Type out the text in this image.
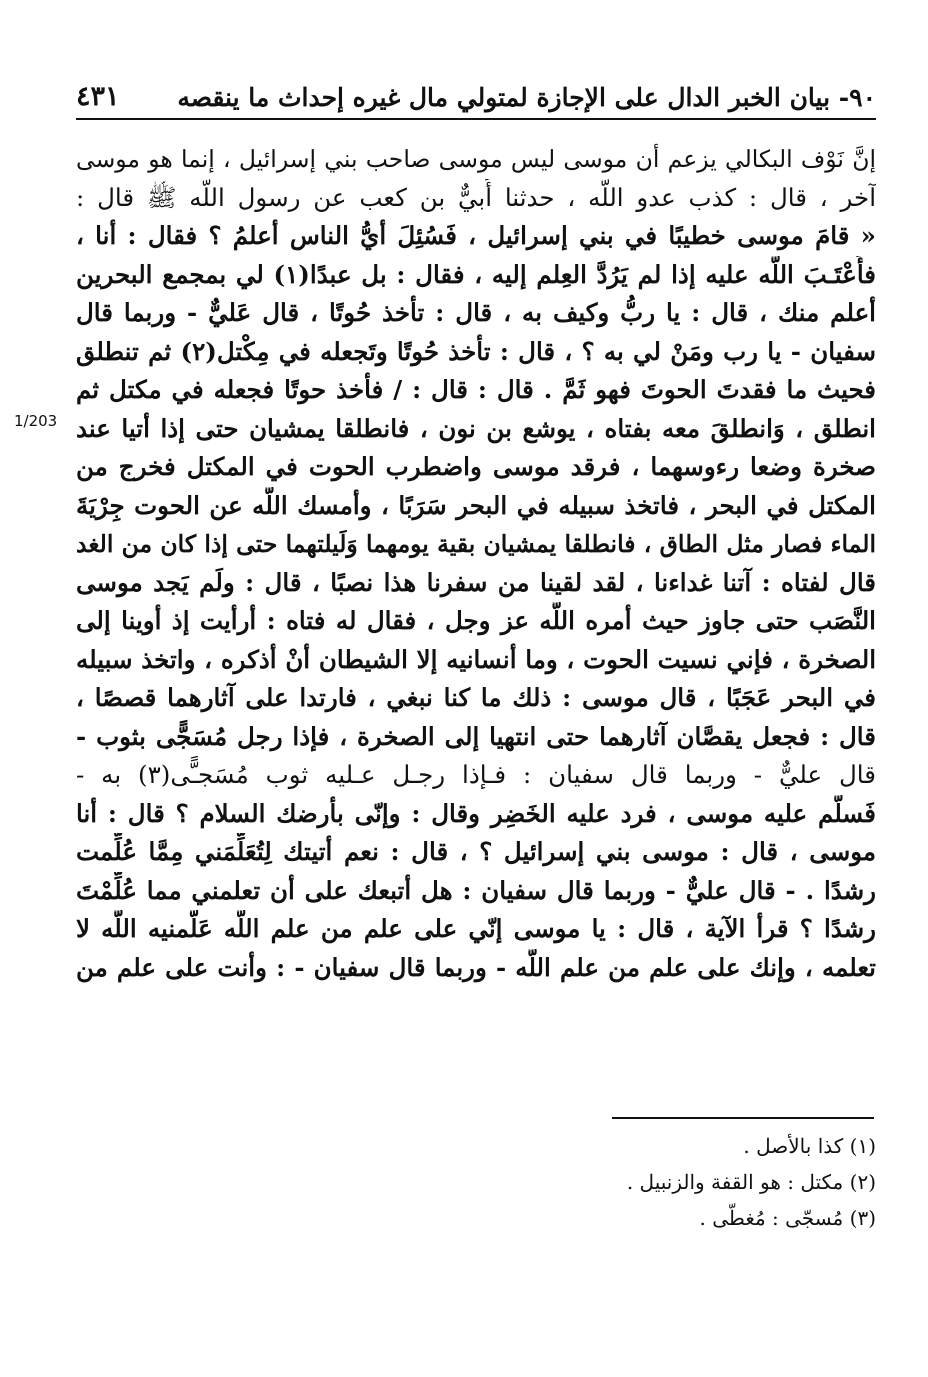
٩٠- بيان الخبر الدال على الإجازة لمتولي مال غيره إحداث ما ينقصه
٤٣١
1/203
إنَّ نَوْف البكالي يزعم أن موسى ليس موسى صاحب بني إسرائيل ، إنما هو موسى
آخر ، قال : كذب عدو اللَّه ، حدثنا أُبيٌّ بن كعب عن رسول اللَّه ﷺ قال :
« قامَ موسى خطيبًا في بني إسرائيل ، فَسُئِلَ أيُّ الناس أعلمُ ؟ فقال : أنا ،
فأَعْتَـبَ اللَّه عليه إذا لم يَرُدَّ العِلم إليه ، فقال : بل عبدًا(١) لي بمجمع البحرين
أعلم منك ، قال : يا ربُّ وكيف به ، قال : تأخذ حُوتًا ، قال عَليٌّ - وربما قال
سفيان - يا رب ومَنْ لي به ؟ ، قال : تأخذ حُوتًا وتَجعله في مِكْتل(٢) ثم تنطلق
فحيث ما فقدتَ الحوتَ فهو ثَمَّ . قال : قال : / فأخذ حوتًا فجعله في مكتل ثم
انطلق ، وَانطلقَ معه بفتاه ، يوشع بن نون ، فانطلقا يمشيان حتى إذا أتيا عند
صخرة وضعا رءوسهما ، فرقد موسى واضطرب الحوت في المكتل فخرج من
المكتل في البحر ، فاتخذ سبيله في البحر سَرَبًا ، وأمسك اللَّه عن الحوت جِرْيَةَ
الماء فصار مثل الطاق ، فانطلقا يمشيان بقية يومهما وَلَيلتهما حتى إذا كان من الغد
قال لفتاه : آتنا غداءنا ، لقد لقينا من سفرنا هذا نصبًا ، قال : ولَم يَجد موسى
النَّصَب حتى جاوز حيث أمره اللَّه عز وجل ، فقال له فتاه : أرأيت إذ أوينا إلى
الصخرة ، فإني نسيت الحوت ، وما أنسانيه إلا الشيطان أنْ أذكره ، واتخذ سبيله
في البحر عَجَبًا ، قال موسى : ذلك ما كنا نبغي ، فارتدا على آثارهما قصصًا ،
قال : فجعل يقصَّان آثارهما حتى انتهيا إلى الصخرة ، فإذا رجل مُسَجًّى بثوب -
قال عليٌّ - وربما قال سفيان : فـإذا رجـل عـليه ثوب مُسَجـًّى(٣) به -
فَسلَّم عليه موسى ، فرد عليه الخَضِر وقال : وإنّى بأرضك السلام ؟ قال : أنا
موسى ، قال : موسى بني إسرائيل ؟ ، قال : نعم أتيتك لِتُعَلِّمَني مِمَّا عُلِّمت
رشدًا . - قال عليٌّ - وربما قال سفيان : هل أتبعك على أن تعلمني مما عُلِّمْتَ
رشدًا ؟ قرأ الآية ، قال : يا موسى إنّي على علم من علم اللَّه عَلَّمنيه اللَّه لا
تعلمه ، وإنك على علم من علم اللَّه - وربما قال سفيان - : وأنت على علم من
(١) كذا بالأصل .
(٢) مكتل : هو القفة والزنبيل .
(٣) مُسجّى : مُغطّى .
